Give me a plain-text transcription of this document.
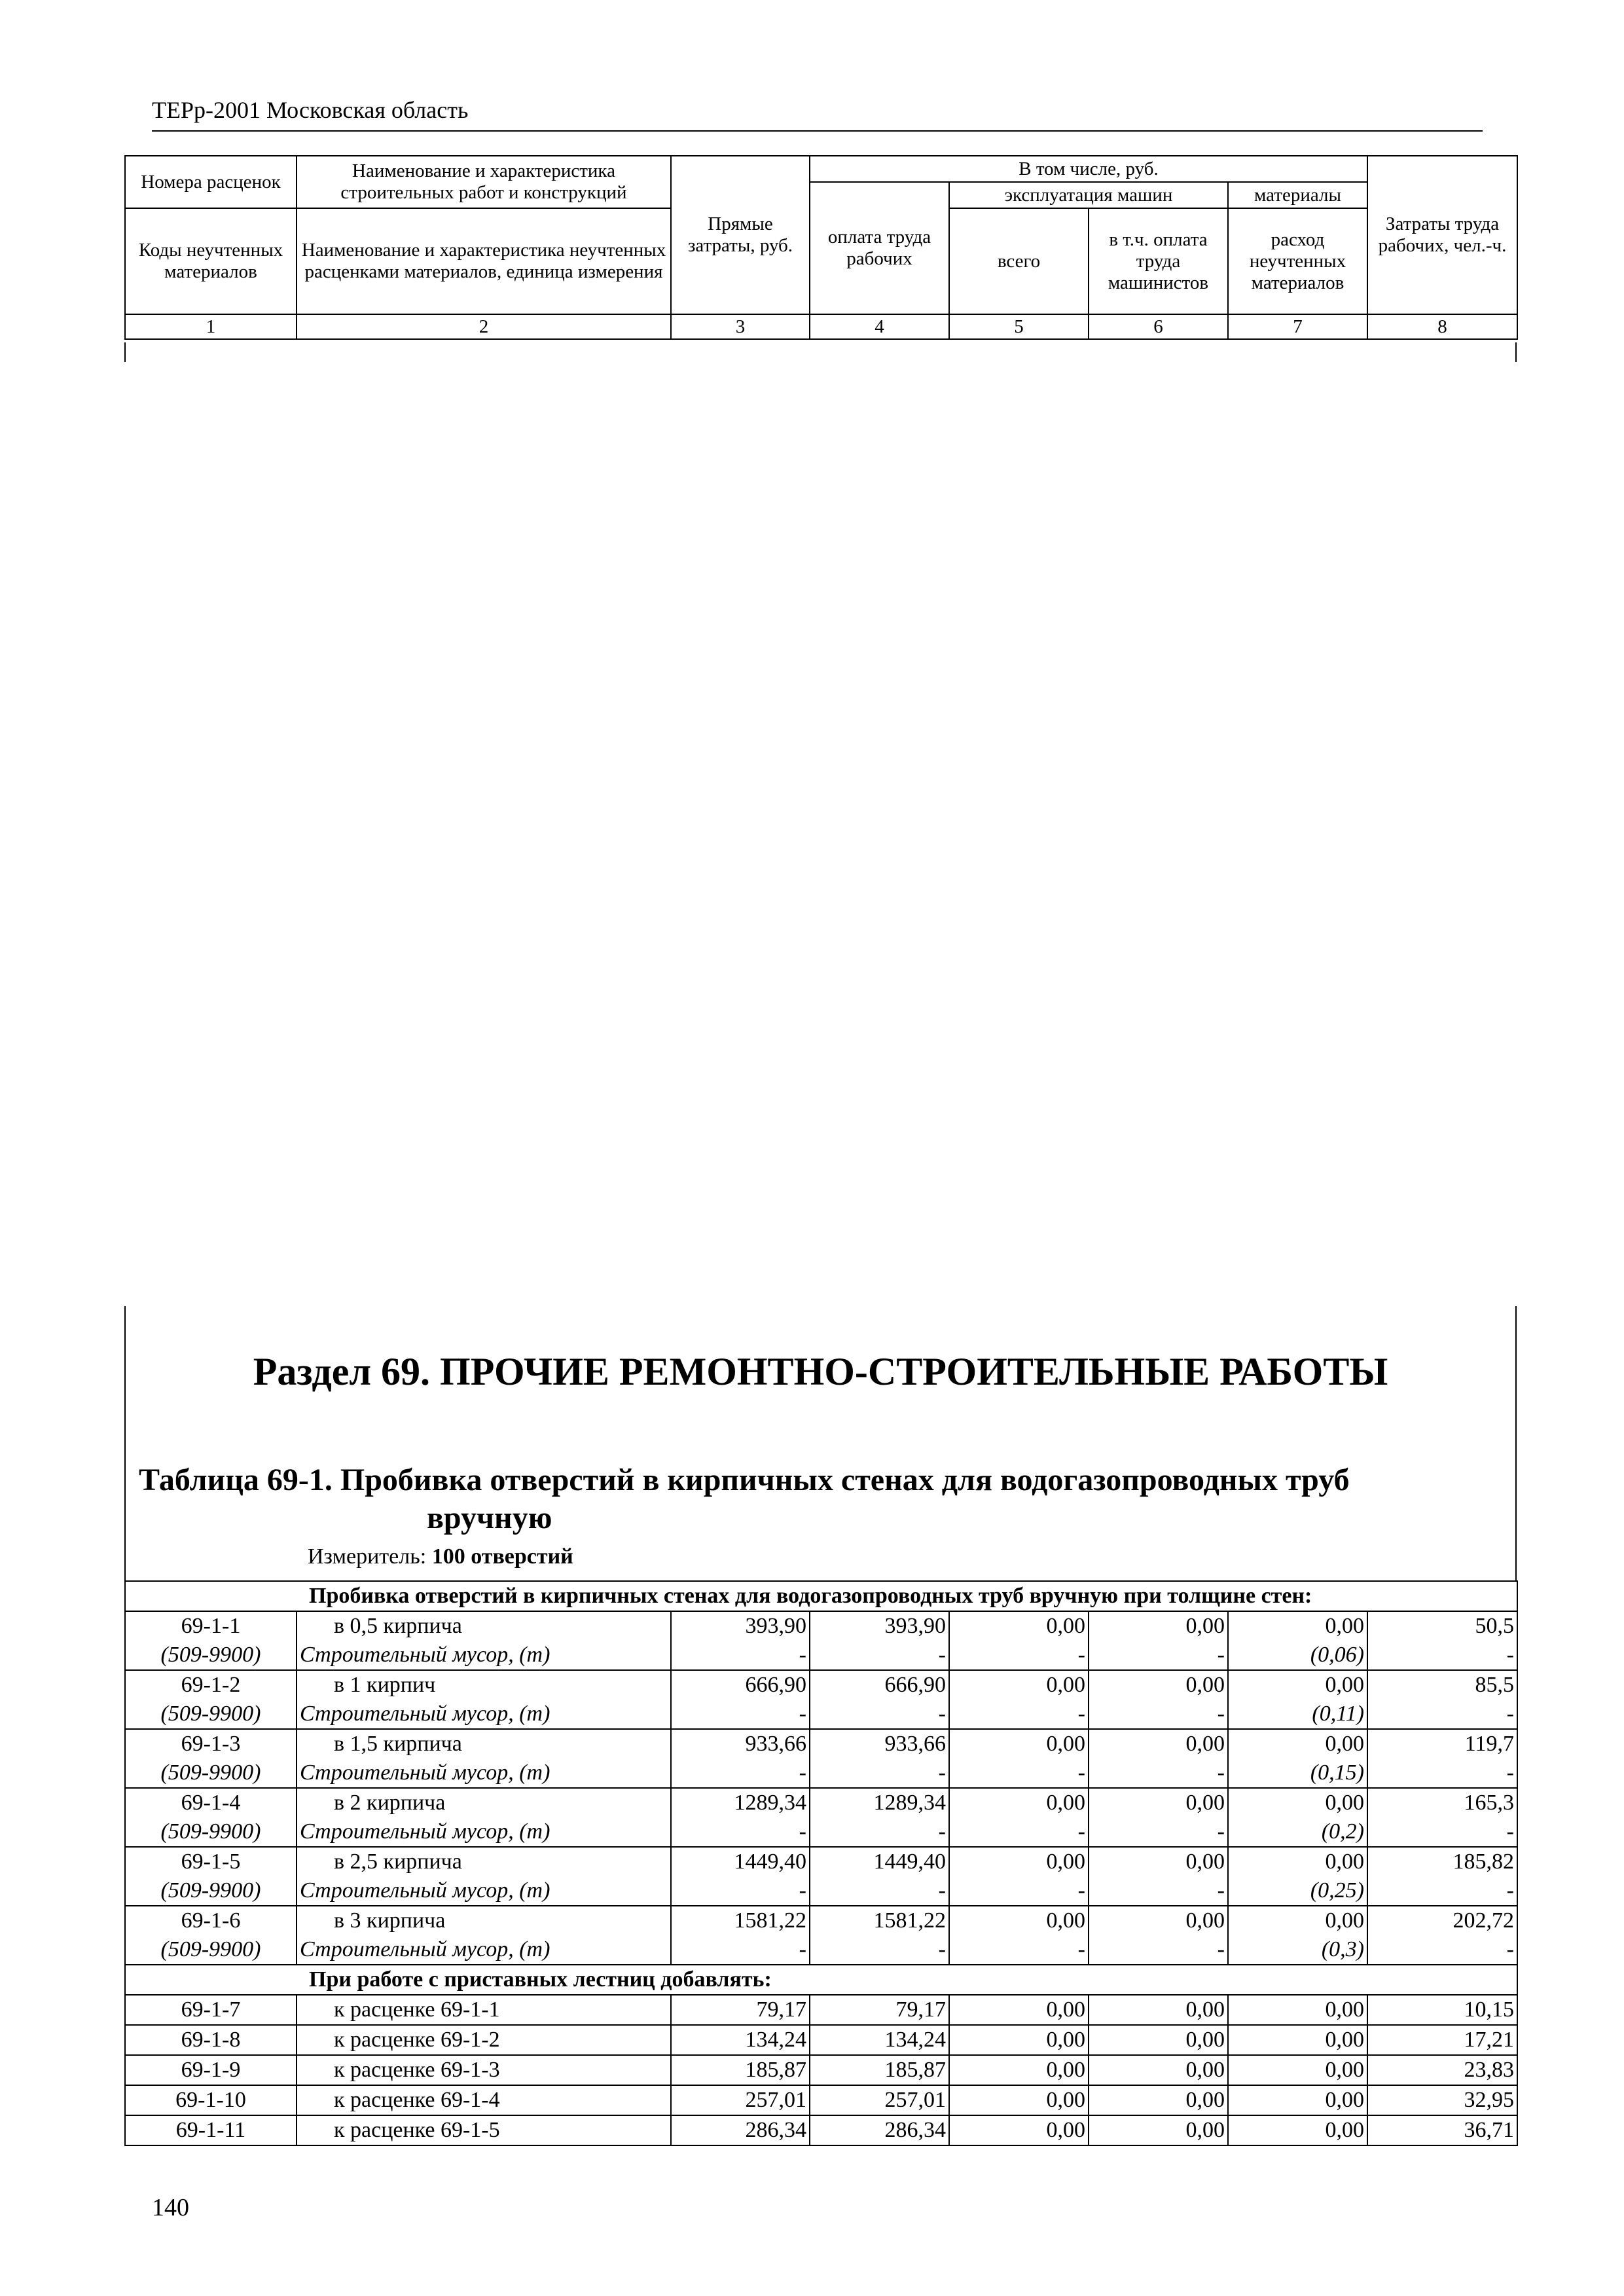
ТЕРр-2001 Московская область
Номера расценок	Наименование и характеристика строительных работ и конструкций	Прямые затраты, руб.	В том числе, руб.				Затраты труда рабочих, чел.-ч.
			оплата труда рабочих	эксплуатация машин		материалы	
Коды неучтенных материалов	Наименование и характеристика неучтенных расценками материалов, единица измерения			всего	в т.ч. оплата труда машинистов	расход неучтенных материалов	

1	2	3	4	5	6	7	8
Раздел 69. ПРОЧИЕ РЕМОНТНО-СТРОИТЕЛЬНЫЕ РАБОТЫ
Таблица 69-1. Пробивка отверстий в кирпичных стенах для водогазопроводных труб
вручную
Измеритель: 100 отверстий
Пробивка отверстий в кирпичных стенах для водогазопроводных труб вручную при толщине стен:							
69-1-1	в 0,5 кирпича	393,90	393,90	0,00	0,00	0,00	50,5
(509-9900)	Строительный мусор, (т)	-	-	-	-	(0,06)	-
69-1-2	в 1 кирпич	666,90	666,90	0,00	0,00	0,00	85,5
(509-9900)	Строительный мусор, (т)	-	-	-	-	(0,11)	-
69-1-3	в 1,5 кирпича	933,66	933,66	0,00	0,00	0,00	119,7
(509-9900)	Строительный мусор, (т)	-	-	-	-	(0,15)	-
69-1-4	в 2 кирпича	1289,34	1289,34	0,00	0,00	0,00	165,3
(509-9900)	Строительный мусор, (т)	-	-	-	-	(0,2)	-
69-1-5	в 2,5 кирпича	1449,40	1449,40	0,00	0,00	0,00	185,82
(509-9900)	Строительный мусор, (т)	-	-	-	-	(0,25)	-
69-1-6	в 3 кирпича	1581,22	1581,22	0,00	0,00	0,00	202,72
(509-9900)	Строительный мусор, (т)	-	-	-	-	(0,3)	-
При работе с приставных лестниц добавлять:							
69-1-7	к расценке 69-1-1	79,17	79,17	0,00	0,00	0,00	10,15
69-1-8	к расценке 69-1-2	134,24	134,24	0,00	0,00	0,00	17,21
69-1-9	к расценке 69-1-3	185,87	185,87	0,00	0,00	0,00	23,83
69-1-10	к расценке 69-1-4	257,01	257,01	0,00	0,00	0,00	32,95
69-1-11	к расценке 69-1-5	286,34	286,34	0,00	0,00	0,00	36,71
140
